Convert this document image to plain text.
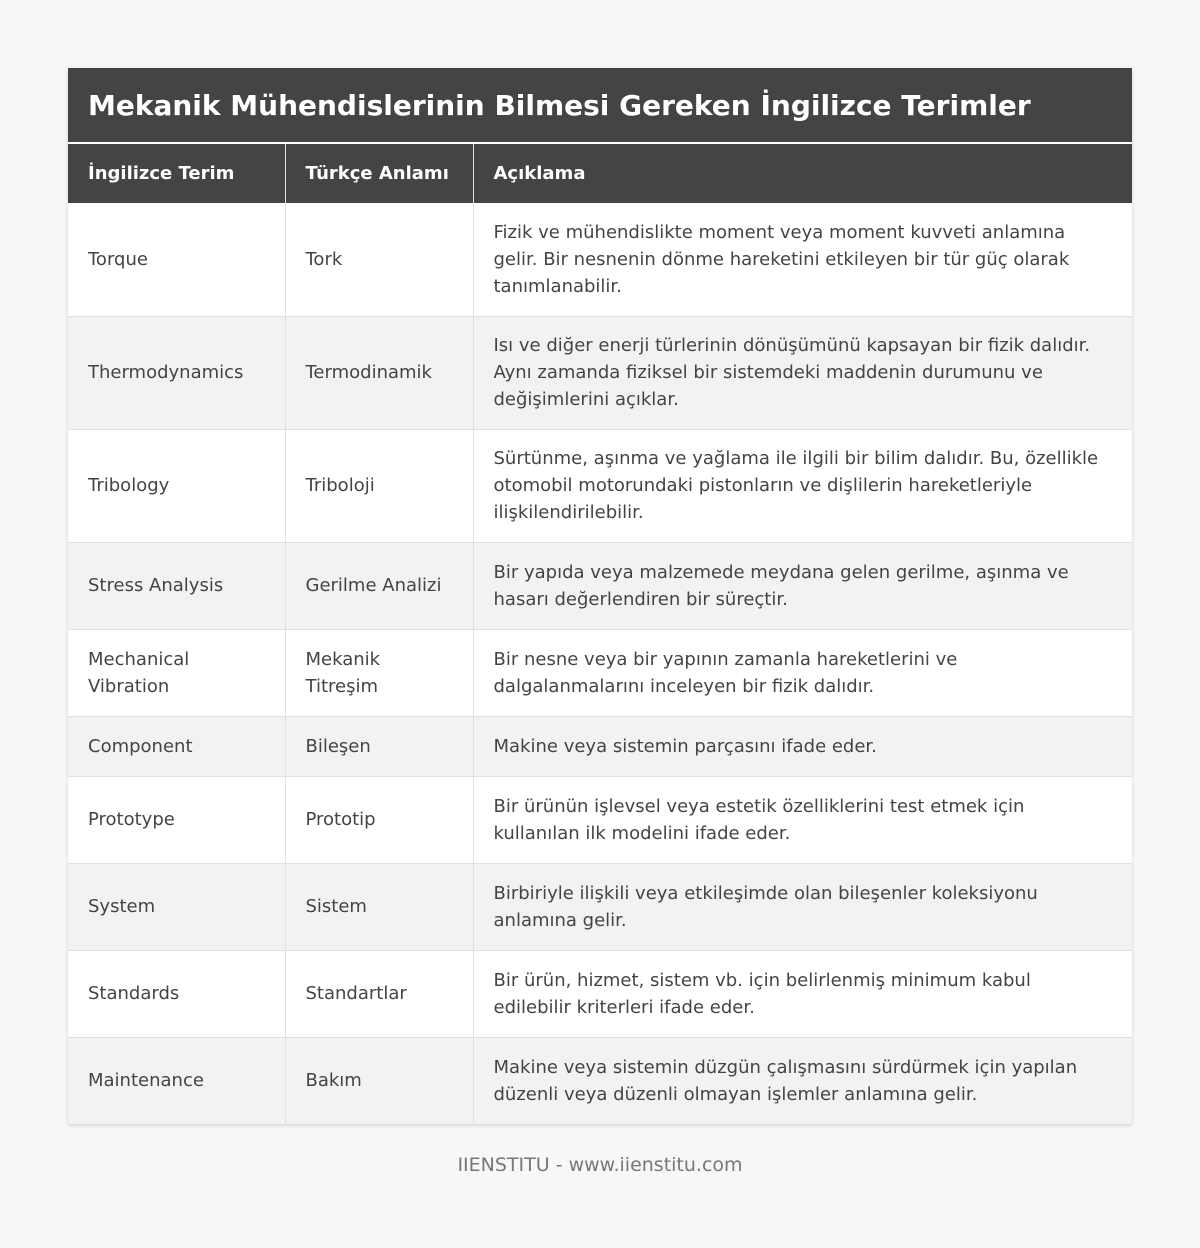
Mekanik Mühendislerinin Bilmesi Gereken İngilizce Terimler
İngilizce Terim	Türkçe Anlamı	Açıklama
Torque	Tork	Fizik ve mühendislikte moment veya moment kuvveti anlamına gelir. Bir nesnenin dönme hareketini etkileyen bir tür güç olarak tanımlanabilir.
Thermodynamics	Termodinamik	Isı ve diğer enerji türlerinin dönüşümünü kapsayan bir fizik dalıdır. Aynı zamanda fiziksel bir sistemdeki maddenin durumunu ve değişimlerini açıklar.
Tribology	Triboloji	Sürtünme, aşınma ve yağlama ile ilgili bir bilim dalıdır. Bu, özellikle otomobil motorundaki pistonların ve dişlilerin hareketleriyle ilişkilendirilebilir.
Stress Analysis	Gerilme Analizi	Bir yapıda veya malzemede meydana gelen gerilme, aşınma ve hasarı değerlendiren bir süreçtir.
Mechanical Vibration	Mekanik Titreşim	Bir nesne veya bir yapının zamanla hareketlerini ve dalgalanmalarını inceleyen bir fizik dalıdır.
Component	Bileşen	Makine veya sistemin parçasını ifade eder.
Prototype	Prototip	Bir ürünün işlevsel veya estetik özelliklerini test etmek için kullanılan ilk modelini ifade eder.
System	Sistem	Birbiriyle ilişkili veya etkileşimde olan bileşenler koleksiyonu anlamına gelir.
Standards	Standartlar	Bir ürün, hizmet, sistem vb. için belirlenmiş minimum kabul edilebilir kriterleri ifade eder.
Maintenance	Bakım	Makine veya sistemin düzgün çalışmasını sürdürmek için yapılan düzenli veya düzenli olmayan işlemler anlamına gelir.
IIENSTITU - www.iienstitu.com
